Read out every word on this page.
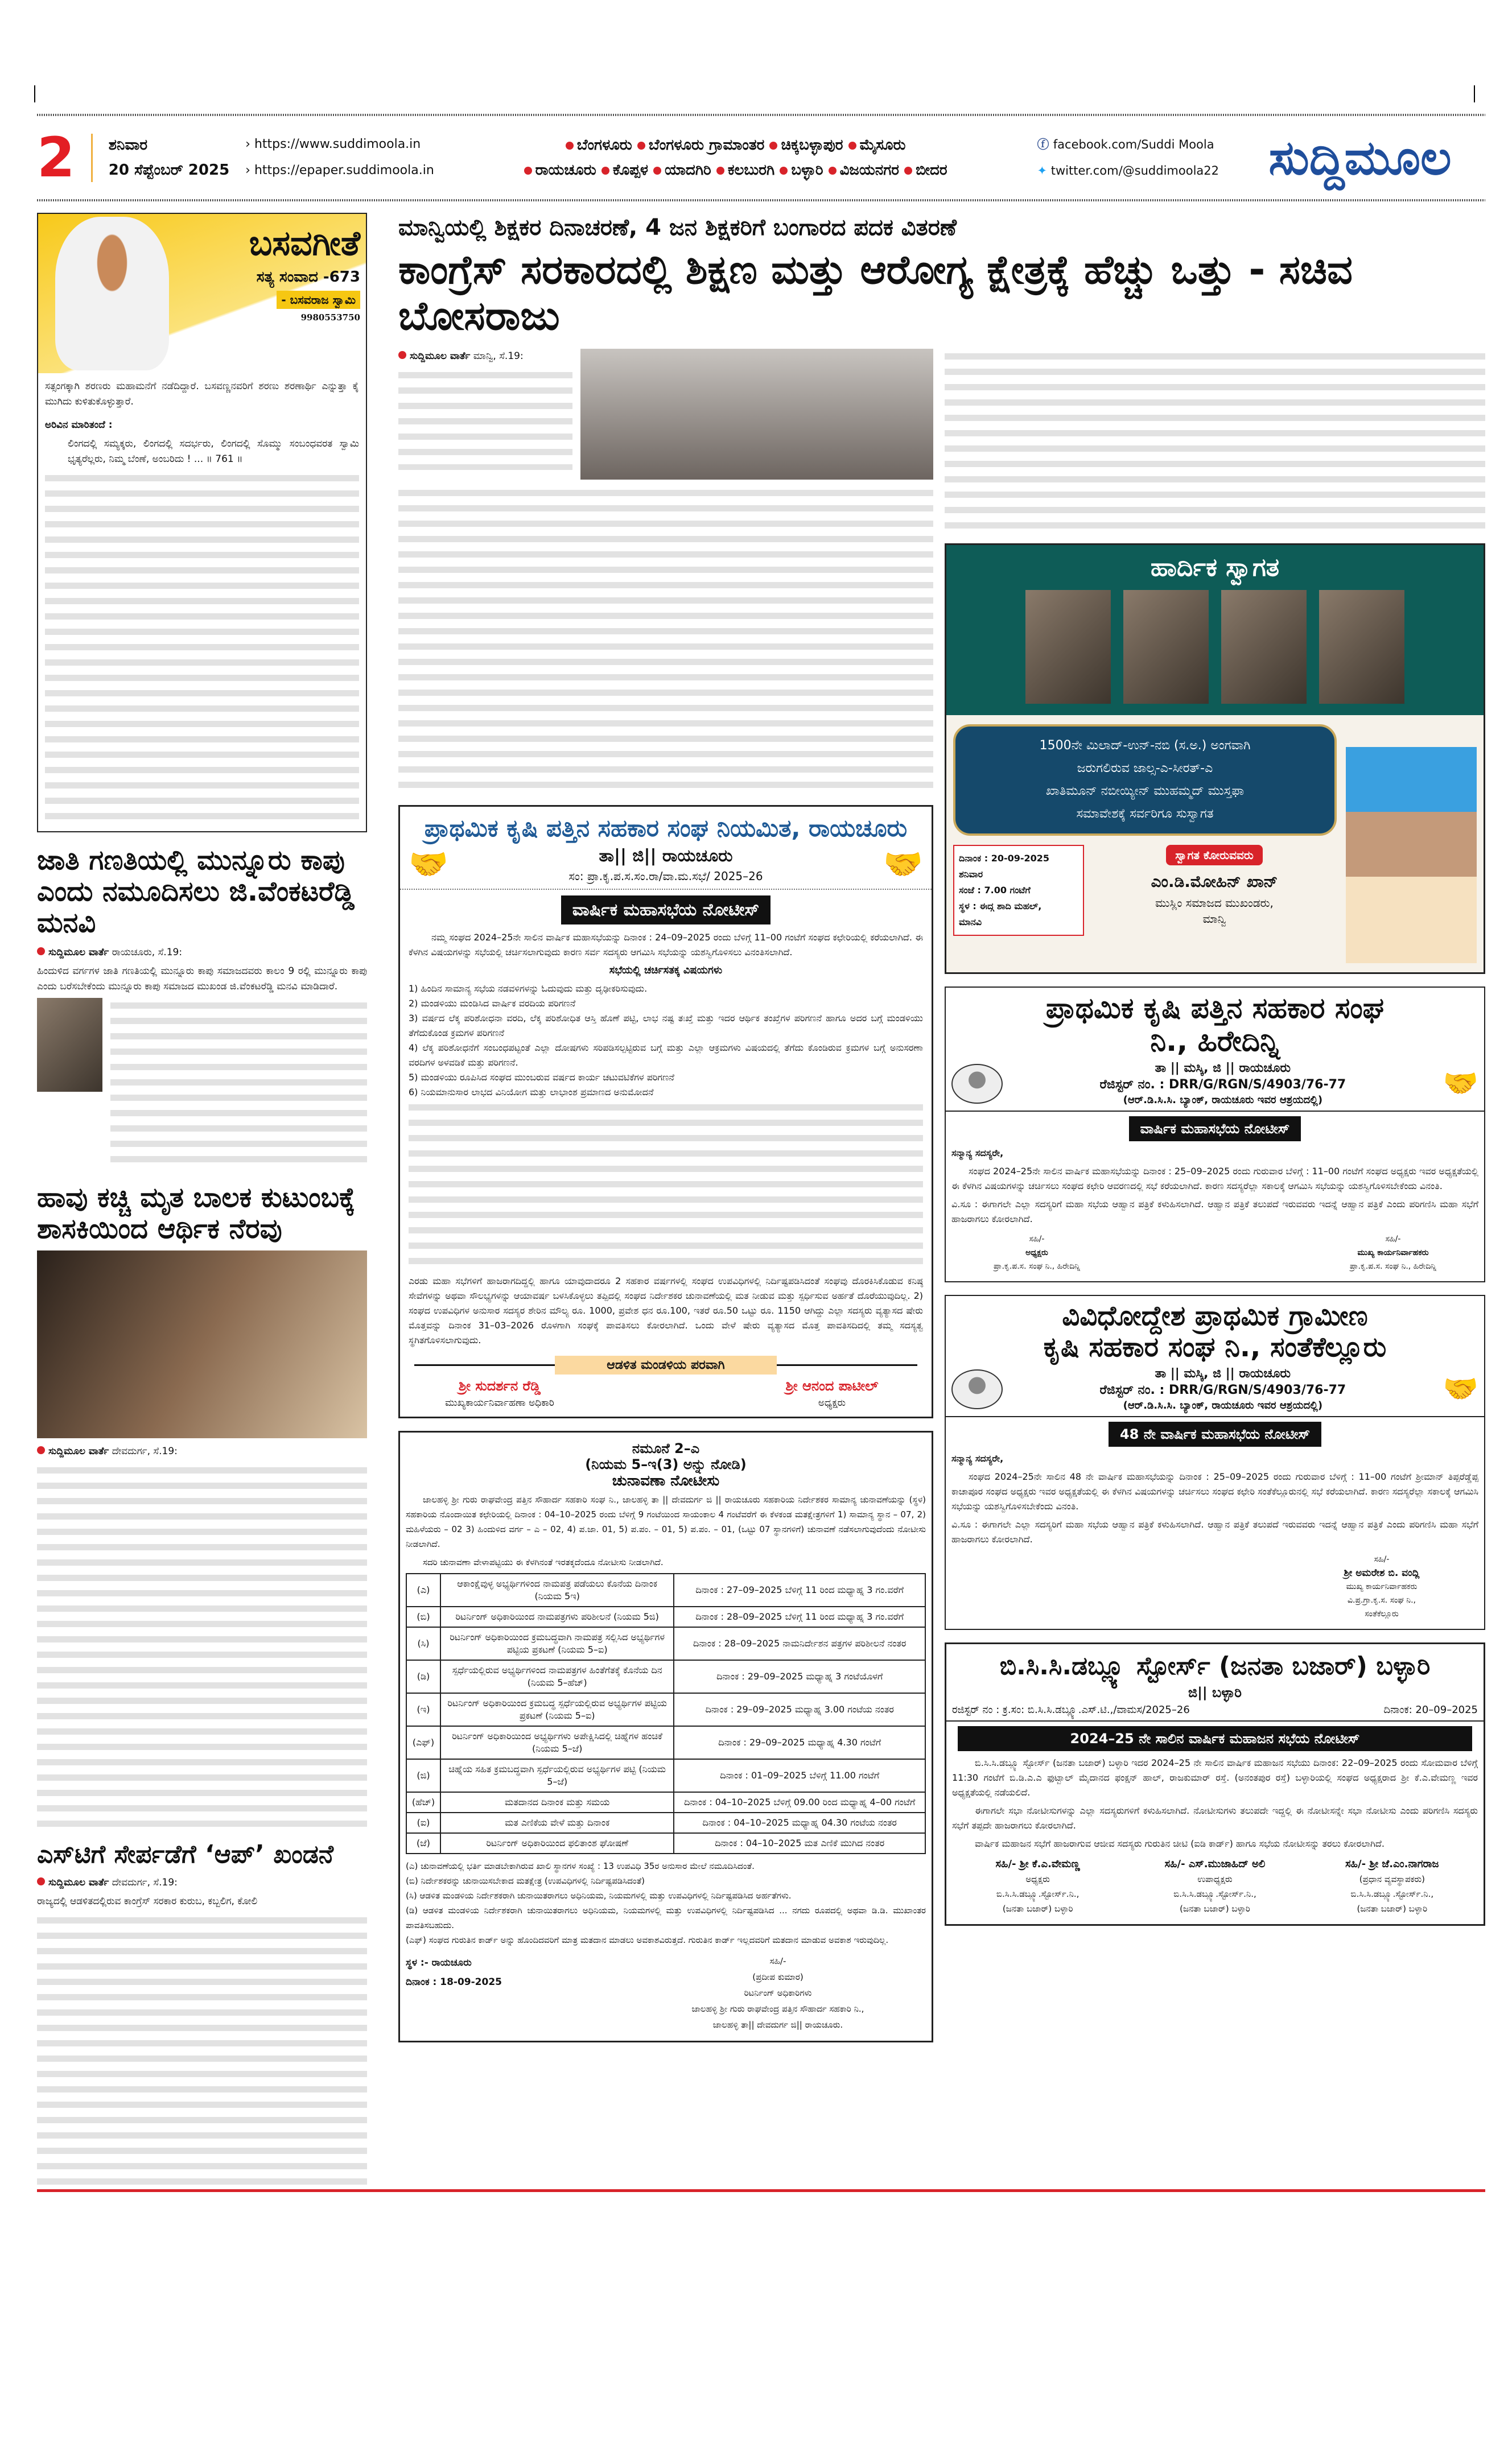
2 ಶನಿವಾರ
20 ಸೆಪ್ಟೆಂಬರ್ 2025
› https://www.suddimoola.in
› https://epaper.suddimoola.in
ಬೆಂಗಳೂರು ಬೆಂಗಳೂರು ಗ್ರಾಮಾಂತರ ಚಿಕ್ಕಬಳ್ಳಾಪುರ ಮೈಸೂರು
ರಾಯಚೂರು ಕೊಪ್ಪಳ ಯಾದಗಿರಿ ಕಲಬುರಗಿ ಬಳ್ಳಾರಿ ವಿಜಯನಗರ ಬೀದರ
ⓕ facebook.com/Suddi Moola
✦ twitter.com/@suddimoola22	ಸುದ್ದಿಮೂಲ
ಬಸವಗೀತೆ
ಸತ್ಯ ಸಂವಾದ -673
- ಬಸವರಾಜ ಸ್ವಾಮಿ
9980553750

ಸತ್ಸಂಗಕ್ಕಾಗಿ ಶರಣರು ಮಹಾಮನೆಗೆ ನಡೆದಿದ್ದಾರೆ. ಬಸವಣ್ಣನವರಿಗೆ ಶರಣು ಶರಣಾರ್ಥಿ ಎನ್ನುತ್ತಾ ಕೈ ಮುಗಿದು ಕುಳಿತುಕೊಳ್ಳುತ್ತಾರೆ.

ಅರಿವಿನ ಮಾರಿತಂದೆ :

ಲಿಂಗದಲ್ಲಿ ಸಮ್ಯಕ್ಕರು, ಲಿಂಗದಲ್ಲಿ ಸದರ್ಭರು, ಲಿಂಗದಲ್ಲಿ ಸೊಮ್ಮು ಸಂಬಂಧವರತ ಸ್ವಾಮಿ ಭೃತ್ಯರೆಲ್ಲರು, ನಿಮ್ಮ ಬೆಂಣೆ, ಅಂಬರಿದು ! ... ॥ 761 ॥

ಜಾತಿ ಗಣತಿಯಲ್ಲಿ ಮುನ್ನೂರು ಕಾಪು ಎಂದು ನಮೂದಿಸಲು ಜಿ.ವೆಂಕಟರೆಡ್ಡಿ ಮನವಿ

ಸುದ್ದಿಮೂಲ ವಾರ್ತೆ ರಾಯಚೂರು, ಸೆ.19:

ಹಿಂದುಳಿದ ವರ್ಗಗಳ ಜಾತಿ ಗಣತಿಯಲ್ಲಿ ಮುನ್ನೂರು ಕಾಪು ಸಮಾಜದವರು ಕಾಲಂ 9 ರಲ್ಲಿ ಮುನ್ನೂರು ಕಾಪು ಎಂದು ಬರೆಸಬೇಕೆಂದು ಮುನ್ನೂರು ಕಾಪು ಸಮಾಜದ ಮುಖಂಡ ಜಿ.ವೆಂಕಟರೆಡ್ಡಿ ಮನವಿ ಮಾಡಿದಾರೆ.

ಹಾವು ಕಚ್ಚಿ ಮೃತ ಬಾಲಕ ಕುಟುಂಬಕ್ಕೆ ಶಾಸಕಿಯಿಂದ ಆರ್ಥಿಕ ನೆರವು

ಸುದ್ದಿಮೂಲ ವಾರ್ತೆ ದೇವದುರ್ಗ, ಸೆ.19:

ಎಸ್‌ಟಿಗೆ ಸೇರ್ಪಡೆಗೆ ‘ಆಪ್’ ಖಂಡನೆ

ಸುದ್ದಿಮೂಲ ವಾರ್ತೆ ದೇವದುರ್ಗ, ಸೆ.19:

ರಾಜ್ಯದಲ್ಲಿ ಆಡಳಿತದಲ್ಲಿರುವ ಕಾಂಗ್ರೆಸ್ ಸರಕಾರ ಕುರುಬ, ಕಬ್ಬಲಿಗ, ಕೋಲಿ

ಮಾನ್ವಿಯಲ್ಲಿ ಶಿಕ್ಷಕರ ದಿನಾಚರಣೆ, 4 ಜನ ಶಿಕ್ಷಕರಿಗೆ ಬಂಗಾರದ ಪದಕ ವಿತರಣೆ
ಕಾಂಗ್ರೆಸ್ ಸರಕಾರದಲ್ಲಿ ಶಿಕ್ಷಣ ಮತ್ತು ಆರೋಗ್ಯ ಕ್ಷೇತ್ರಕ್ಕೆ ಹೆಚ್ಚು ಒತ್ತು - ಸಚಿವ ಬೋಸರಾಜು

ಸುದ್ದಿಮೂಲ ವಾರ್ತೆ ಮಾನ್ವಿ, ಸೆ.19:

ಪ್ರಾಥಮಿಕ ಕೃಷಿ ಪತ್ತಿನ ಸಹಕಾರ ಸಂಘ ನಿಯಮಿತ, ರಾಯಚೂರು
🤝	ತಾ|| ಜಿ|| ರಾಯಚೂರು
ಸಂ: ಪ್ರಾ.ಕೃ.ಪ.ಸ.ಸಂ.ರಾ/ವಾ.ಮ.ಸಭೆ/ 2025–26	🤝
ವಾರ್ಷಿಕ ಮಹಾಸಭೆಯ ನೋಟೀಸ್

ನಮ್ಮ ಸಂಘದ 2024–25ನೇ ಸಾಲಿನ ವಾರ್ಷಿಕ ಮಹಾಸಭೆಯನ್ನು ದಿನಾಂಕ : 24–09–2025 ರಂದು ಬೆಳಿಗ್ಗೆ 11–00 ಗಂಟೆಗೆ ಸಂಘದ ಕಛೇರಿಯಲ್ಲಿ ಕರೆಯಲಾಗಿದೆ. ಈ ಕೆಳಗಿನ ವಿಷಯಗಳನ್ನು ಸಭೆಯಲ್ಲಿ ಚರ್ಚಿಸಲಾಗುವುದು ಕಾರಣ ಸರ್ವ ಸದಸ್ಯರು ಆಗಮಿಸಿ ಸಭೆಯನ್ನು ಯಶಸ್ವಿಗೊಳಿಸಲು ವಿನಂತಿಸಲಾಗಿದೆ.

ಸಭೆಯಲ್ಲಿ ಚರ್ಚಿಸತಕ್ಕ ವಿಷಯಗಳು

1) ಹಿಂದಿನ ಸಾಮಾನ್ಯ ಸಭೆಯ ನಡವಳಿಗಳನ್ನು ಓದುವುದು ಮತ್ತು ದೃಢೀಕರಿಸುವುದು.

2) ಮಂಡಳಿಯು ಮಂಡಿಸಿದ ವಾರ್ಷಿಕ ವರದಿಯ ಪರಿಗಣನೆ

3) ವರ್ಷದ ಲೆಕ್ಕ ಪರಿಶೋಧನಾ ವರದಿ, ಲೆಕ್ಕ ಪರಿಶೋಧಿತ ಆಸ್ತಿ ಹೊಣೆ ಪಟ್ಟಿ, ಲಾಭ ನಷ್ಟ ತಃಖ್ತೆ ಮತ್ತು ಇದರ ಆರ್ಥಿಕ ತಂಖ್ತೆಗಳ ಪರಿಗಣನೆ ಹಾಗೂ ಅದರ ಬಗ್ಗೆ ಮಂಡಳಿಯು ತೆಗೆದುಕೊಂಡ ಕ್ರಮಗಳ ಪರಿಗಣನೆ

4) ಲೆಕ್ಕ ಪರಿಶೋಧನೆಗೆ ಸಂಬಂಧಪಟ್ಟಂತೆ ಎಲ್ಲಾ ದೋಷಗಳು ಸರಿಪಡಿಸಲ್ಪಟ್ಟಿರುವ ಬಗ್ಗೆ ಮತ್ತು ಎಲ್ಲಾ ಆಕ್ರಮಗಳು ವಿಷಯದಲ್ಲಿ ತೆಗೆದು ಕೊಂಡಿರುವ ಕ್ರಮಗಳ ಬಗ್ಗೆ ಅನುಸರಣಾ ವರದಿಗಳ ಅಳವಡಿಕೆ ಮತ್ತು ಪರಿಗಣನೆ.

5) ಮಂಡಳಿಯು ರೂಪಿಸಿದ ಸಂಘದ ಮುಂಬರುವ ವರ್ಷದ ಕಾರ್ಯ ಚಟುವಟಿಕೆಗಳ ಪರಿಗಣನೆ

6) ನಿಯಮಾನುಸಾರ ಲಾಭದ ವಿನಿಯೋಗ ಮತ್ತು ಲಾಭಾಂಶ ಪ್ರಮಾಣದ ಅನುಮೋದನೆ

ಎರಡು ಮಹಾ ಸಭೆಗಳಿಗೆ ಹಾಜರಾಗದಿದ್ದಲ್ಲಿ ಹಾಗೂ ಯಾವುದಾದರೂ 2 ಸಹಕಾರ ವರ್ಷಗಳಲ್ಲಿ ಸಂಘದ ಉಪವಿಧಿಗಳಲ್ಲಿ ನಿರ್ದಿಷ್ಟಪಡಿಸಿದಂತೆ ಸಂಘವು ದೊರಕಿಸಿಕೊಡುವ ಕನಿಷ್ಠ ಸೇವೆಗಳನ್ನು ಅಥವಾ ಸೌಲಭ್ಯಗಳನ್ನು ಆಯಾವರ್ಷ ಬಳಸಿಕೊಳ್ಳಲು ತಪ್ಪಿದಲ್ಲಿ ಸಂಘದ ನಿರ್ದೇಶಕರ ಚುನಾವಣೆಯಲ್ಲಿ ಮತ ನೀಡುವ ಮತ್ತು ಸ್ಪರ್ಧಿಸುವ ಅರ್ಹತೆ ದೊರೆಯುವುದಿಲ್ಲ. 2) ಸಂಘದ ಉಪವಿಧಿಗಳ ಅನುಸಾರ ಸದಸ್ಯರ ಶೇರಿನ ಮೌಲ್ಯ ರೂ. 1000, ಪ್ರವೇಶ ಧನ ರೂ.100, ಇತರೆ ರೂ.50 ಒಟ್ಟು ರೂ. 1150 ಆಗಿದ್ದು ಎಲ್ಲಾ ಸದಸ್ಯರು ವ್ಯತ್ಯಾಸದ ಷೇರು ಮೊತ್ತವನ್ನು ದಿನಾಂಕ 31–03–2026 ರೊಳಗಾಗಿ ಸಂಘಕ್ಕೆ ಪಾವತಿಸಲು ಕೋರಲಾಗಿದೆ. ಒಂದು ವೇಳೆ ಷೇರು ವ್ಯತ್ಯಾಸದ ಮೊತ್ತ ಪಾವತಿಸದಿದಲ್ಲಿ ತಮ್ಮ ಸದಸ್ಯತ್ವ ಸ್ಥಗಿತಗೊಳಿಸಲಾಗುವುದು.

ಆಡಳಿತ ಮಂಡಳಿಯ ಪರವಾಗಿ
ಶ್ರೀ ಸುದರ್ಶನ ರೆಡ್ಡಿ
ಮುಖ್ಯಕಾರ್ಯನಿರ್ವಾಹಣಾ ಅಧಿಕಾರಿ
ಶ್ರೀ ಆನಂದ ಪಾಟೀಲ್
ಅಧ್ಯಕ್ಷರು
ನಮೂನೆ 2–ಎ
(ನಿಯಮ 5–ಇ(3) ಅನ್ನು ನೋಡಿ)
ಚುನಾವಣಾ ನೋಟೀಸು

ಜಾಲಹಳ್ಳಿ ಶ್ರೀ ಗುರು ರಾಘವೇಂದ್ರ ಪತ್ತಿನ ಸೌಹಾರ್ದ ಸಹಕಾರಿ ಸಂಘ ನಿ., ಜಾಲಹಳ್ಳಿ ತಾ || ದೇವದುರ್ಗ ಜಿ || ರಾಯಚೂರು ಸಹಕಾರಿಯ ನಿರ್ದೇಶಕರ ಸಾಮಾನ್ಯ ಚುನಾವಣೆಯನ್ನು (ಸ್ಥಳ) ಸಹಕಾರಿಯ ನೊಂದಾಯಿತ ಕಛೇರಿಯಲ್ಲಿ ದಿನಾಂಕ : 04–10–2025 ರಂದು ಬೆಳಿಗ್ಗೆ 9 ಗಂಟೆಯಿಂದ ಸಾಯಂಕಾಲ 4 ಗಂಟೆವರೆಗೆ ಈ ಕೆಳಕಂಡ ಮತಕ್ಷೇತ್ರಗಳಿಗೆ 1) ಸಾಮಾನ್ಯ ಸ್ಥಾನ – 07, 2) ಮಹಿಳೆಯರು – 02 3) ಹಿಂದುಳಿದ ವರ್ಗ – ಎ – 02, 4) ಪ.ಜಾ. 01, 5) ಪ.ಪಂ. – 01, 5) ಪ.ಪಂ. – 01, (ಒಟ್ಟು 07 ಸ್ಥಾನಗಳಿಗೆ) ಚುನಾವಣೆ ನಡೆಸಲಾಗುವುದೆಂದು ನೋಟೀಸು ನೀಡಲಾಗಿದೆ.

ಸದರಿ ಚುನಾವಣಾ ವೇಳಾಪಟ್ಟಿಯು ಈ ಕೆಳಗಿನಂತೆ ಇರತಕ್ಕದೆಂದೂ ನೋಟೀಸು ನೀಡಲಾಗಿದೆ.

(ಎ)	ಆಕಾಂಕ್ಷೆವುಳ್ಳ ಅಭ್ಯರ್ಥಿಗಳಿಂದ ನಾಮಪತ್ರ ಪಡೆಯಲು ಕೊನೆಯ ದಿನಾಂಕ (ನಿಯಮ 5ಇ)	ದಿನಾಂಕ : 27–09–2025 ಬೆಳಿಗ್ಗೆ 11 ರಿಂದ ಮಧ್ಯಾಹ್ನ 3 ಗಂ.ವರೆಗೆ
(ಬಿ)	ರಿಟರ್ನಿಂಗ್ ಅಧಿಕಾರಿಯಿಂದ ನಾಮಪತ್ರಗಳು ಪರಿಶೀಲನೆ (ನಿಯಮ 5ಜಿ)	ದಿನಾಂಕ : 28–09–2025 ಬೆಳಿಗ್ಗೆ 11 ರಿಂದ ಮಧ್ಯಾಹ್ನ 3 ಗಂ.ವರೆಗೆ
(ಸಿ)	ರಿಟರ್ನಿಂಗ್ ಅಧಿಕಾರಿಯಿಂದ ಕ್ರಮಬದ್ಧವಾಗಿ ನಾಮಪತ್ರ ಸಲ್ಲಿಸಿದ ಅಭ್ಯರ್ಥಿಗಳ ಪಟ್ಟಿಯ ಪ್ರಕಟಣೆ (ನಿಯಮ 5–ಐ)	ದಿನಾಂಕ : 28–09–2025 ನಾಮನಿರ್ದೇಶನ ಪತ್ರಗಳ ಪರಿಶೀಲನೆ ನಂತರ
(ಡಿ)	ಸ್ಪರ್ಧೆಯಲ್ಲಿರುವ ಅಭ್ಯರ್ಥಿಗಳಿಂದ ನಾಮಪತ್ರಗಳ ಹಿಂತೆಗೆತಕ್ಕೆ ಕೊನೆಯ ದಿನ (ನಿಯಮ 5–ಹೆಚ್)	ದಿನಾಂಕ : 29–09–2025 ಮಧ್ಯಾಹ್ನ 3 ಗಂಟೆಯೊಳಗೆ
(ಇ)	ರಿಟರ್ನಿಂಗ್ ಅಧಿಕಾರಿಯಿಂದ ಕ್ರಮಬದ್ಧ ಸ್ಪರ್ಧೆಯಲ್ಲಿರುವ ಅಭ್ಯರ್ಥಿಗಳ ಪಟ್ಟಿಯ ಪ್ರಕಟಣೆ (ನಿಯಮ 5–ಐ)	ದಿನಾಂಕ : 29–09–2025 ಮಧ್ಯಾಹ್ನ 3.00 ಗಂಟೆಯ ನಂತರ
(ಎಫ್)	ರಿಟರ್ನಿಂಗ್ ಅಧಿಕಾರಿಯಿಂದ ಅಭ್ಯರ್ಥಿಗಳು ಅಪೇಕ್ಷಿಸಿದಲ್ಲಿ ಚಿಹ್ನೆಗಳ ಹಂಚಿಕೆ (ನಿಯಮ 5–ಜೆ)	ದಿನಾಂಕ : 29–09–2025 ಮಧ್ಯಾಹ್ನ 4.30 ಗಂಟೆಗೆ
(ಜಿ)	ಚಿಹ್ನೆಯ ಸಹಿತ ಕ್ರಮಬದ್ಧವಾಗಿ ಸ್ಪರ್ಧೆಯಲ್ಲಿರುವ ಅಭ್ಯರ್ಥಿಗಳ ಪಟ್ಟಿ (ನಿಯಮ 5–ಜೆ)	ದಿನಾಂಕ : 01–09–2025 ಬೆಳಿಗ್ಗೆ 11.00 ಗಂಟೆಗೆ
(ಹೆಚ್)	ಮತದಾನದ ದಿನಾಂಕ ಮತ್ತು ಸಮಯ	ದಿನಾಂಕ : 04–10–2025 ಬೆಳಿಗ್ಗೆ 09.00 ರಿಂದ ಮಧ್ಯಾಹ್ನ 4–00 ಗಂಟೆಗೆ
(ಐ)	ಮತ ಎಣಿಕೆಯ ವೇಳೆ ಮತ್ತು ದಿನಾಂಕ	ದಿನಾಂಕ : 04–10–2025 ಮಧ್ಯಾಹ್ನ 04.30 ಗಂಟೆಯ ನಂತರ
(ಜೆ)	ರಿಟರ್ನಿಂಗ್ ಅಧಿಕಾರಿಯಿಂದ ಫಲಿತಾಂಶ ಘೋಷಣೆ	ದಿನಾಂಕ : 04–10–2025 ಮತ ಎಣಿಕೆ ಮುಗಿದ ನಂತರ

(ಎ) ಚುನಾವಣೆಯಲ್ಲಿ ಭರ್ತಿ ಮಾಡಬೇಕಾಗಿರುವ ಖಾಲಿ ಸ್ಥಾನಗಳ ಸಂಖ್ಯೆ : 13 ಉಪವಿಧಿ 35ರ ಅನುಸಾರ ಮೇಲೆ ನಮೂದಿಸಿದಂತೆ.

(ಬಿ) ನಿರ್ದೇಶಕರನ್ನು ಚುನಾಯಿಸಬೇಕಾದ ಮತಕ್ಷೇತ್ರ (ಉಪವಿಧಿಗಳಲ್ಲಿ ನಿರ್ದಿಷ್ಟಪಡಿಸಿದಂತೆ)

(ಸಿ) ಆಡಳಿತ ಮಂಡಳಿಯ ನಿರ್ದೇಶಕರಾಗಿ ಚುನಾಯಿತರಾಗಲು ಅಧಿನಿಯಮ, ನಿಯಮಗಳಲ್ಲಿ ಮತ್ತು ಉಪವಿಧಿಗಳಲ್ಲಿ ನಿರ್ದಿಷ್ಟಪಡಿಸಿದ ಅರ್ಹತೆಗಳು.

(ಡಿ) ಆಡಳಿತ ಮಂಡಳಿಯ ನಿರ್ದೇಶಕರಾಗಿ ಚುನಾಯಿತರಾಗಲು ಅಧಿನಿಯಮ, ನಿಯಮಗಳಲ್ಲಿ ಮತ್ತು ಉಪವಿಧಿಗಳಲ್ಲಿ ನಿರ್ದಿಷ್ಟಪಡಿಸಿದ ... ನಗದು ರೂಪದಲ್ಲಿ ಅಥವಾ ಡಿ.ಡಿ. ಮುಖಾಂತರ ಪಾವತಿಸಬಹುದು.

(ಎಫ್) ಸಂಘದ ಗುರುತಿನ ಕಾರ್ಡ್ ಅನ್ನು ಹೊಂದಿದವರಿಗೆ ಮಾತ್ರ ಮತದಾನ ಮಾಡಲು ಅವಕಾಶವಿರುತ್ತದೆ. ಗುರುತಿನ ಕಾರ್ಡ್ ಇಲ್ಲದವರಿಗೆ ಮತದಾನ ಮಾಡುವ ಅವಕಾಶ ಇರುವುದಿಲ್ಲ.

ಸ್ಥಳ :- ರಾಯಚೂರು
ದಿನಾಂಕ : 18-09-2025
ಸಹಿ/-
(ಪ್ರದೀಪ ಕುಮಾರ)
ರಿಟರ್ನಿಂಗ್ ಅಧಿಕಾರಿಗಳು
ಜಾಲಹಳ್ಳಿ ಶ್ರೀ ಗುರು ರಾಘವೇಂದ್ರ ಪತ್ತಿನ ಸೌಹಾರ್ದ ಸಹಕಾರಿ ನಿ.,
ಜಾಲಹಳ್ಳಿ ತಾ|| ದೇವದುರ್ಗ ಜಿ|| ರಾಯಚೂರು.
ಹಾರ್ದಿಕ ಸ್ವಾಗತ
1500ನೇ ಮಿಲಾದ್-ಉನ್-ನಬಿ (ಸ.ಅ.) ಅಂಗವಾಗಿ
ಜರುಗಲಿರುವ ಜಾಲ್ಸ-ಎ-ಸೀರತ್-ಎ
ಖಾತಿಮೂನ್ ನಬೀಯ್ಯೀನ್ ಮುಹಮ್ಮದ್ ಮುಸ್ತಫಾ
ಸಮಾವೇಶಕ್ಕೆ ಸರ್ವರಿಗೂ ಸುಸ್ವಾಗತ
ದಿನಾಂಕ : 20-09-2025
ಶನಿವಾರ
ಸಂಜೆ : 7.00 ಗಂಟೆಗೆ
ಸ್ಥಳ : ಈದ್ಗ ಶಾದಿ ಮಹಲ್,
ಮಾನವಿ
ಸ್ವಾಗತ ಕೋರುವವರು
ಎಂ.ಡಿ.ಮೋಹಿನ್ ಖಾನ್
ಮುಸ್ಲಿಂ ಸಮಾಜದ ಮುಖಂಡರು,
ಮಾನ್ವಿ
ಪ್ರಾಥಮಿಕ ಕೃಷಿ ಪತ್ತಿನ ಸಹಕಾರ ಸಂಘ
ನಿ., ಹಿರೇದಿನ್ನಿ
ತಾ || ಮಸ್ಕಿ, ಜಿ || ರಾಯಚೂರು
ರೆಜಿಸ್ಟರ್ ನಂ. : DRR/G/RGN/S/4903/76-77
(ಆರ್.ಡಿ.ಸಿ.ಸಿ. ಬ್ಯಾಂಕ್, ರಾಯಚೂರು ಇವರ ಆಶ್ರಯದಲ್ಲಿ)
🤝
ವಾರ್ಷಿಕ ಮಹಾಸಭೆಯ ನೋಟೀಸ್

ಸನ್ಮಾನ್ಯ ಸದಸ್ಯರೇ,

ಸಂಘದ 2024–25ನೇ ಸಾಲಿನ ವಾರ್ಷಿಕ ಮಹಾಸಭೆಯನ್ನು ದಿನಾಂಕ : 25–09–2025 ರಂದು ಗುರುವಾರ ಬೆಳಿಗ್ಗೆ : 11–00 ಗಂಟೆಗೆ ಸಂಘದ ಅಧ್ಯಕ್ಷರು ಇವರ ಅಧ್ಯಕ್ಷತೆಯಲ್ಲಿ ಈ ಕೆಳಗಿನ ವಿಷಯಗಳನ್ನು ಚರ್ಚಿಸಲು ಸಂಘದ ಕಛೇರಿ ಆವರಣದಲ್ಲಿ ಸಭೆ ಕರೆಯಲಾಗಿದೆ. ಕಾರಣ ಸದಸ್ಯರೆಲ್ಲಾ ಸಕಾಲಕ್ಕೆ ಆಗಮಿಸಿ ಸಭೆಯನ್ನು ಯಶಸ್ವಿಗೊಳಿಸಬೇಕೆಂದು ವಿನಂತಿ.

ವಿ.ಸೂ : ಈಗಾಗಲೇ ಎಲ್ಲಾ ಸದಸ್ಯರಿಗೆ ಮಹಾ ಸಭೆಯ ಆಹ್ವಾನ ಪತ್ರಿಕೆ ಕಳುಹಿಸಲಾಗಿದೆ. ಆಹ್ವಾನ ಪತ್ರಿಕೆ ತಲುಪದೆ ಇರುವವರು ಇದನ್ನೆ ಆಹ್ವಾನ ಪತ್ರಿಕೆ ಎಂದು ಪರಿಗಣಿಸಿ ಮಹಾ ಸಭೆಗೆ ಹಾಜರಾಗಲು ಕೋರಲಾಗಿದೆ.

ಸಹಿ/-
ಅಧ್ಯಕ್ಷರು
ಪ್ರಾ.ಕೃ.ಪ.ಸ. ಸಂಘ ನಿ., ಹಿರೇದಿನ್ನಿ
ಸಹಿ/-
ಮುಖ್ಯ ಕಾರ್ಯನಿರ್ವಾಹಕರು
ಪ್ರಾ.ಕೃ.ಪ.ಸ. ಸಂಘ ನಿ., ಹಿರೇದಿನ್ನಿ
ವಿವಿಧೋದ್ದೇಶ ಪ್ರಾಥಮಿಕ ಗ್ರಾಮೀಣ
ಕೃಷಿ ಸಹಕಾರ ಸಂಘ ನಿ., ಸಂತೆಕೆಲ್ಲೂರು
ತಾ || ಮಸ್ಕಿ, ಜಿ || ರಾಯಚೂರು
ರೆಜಿಸ್ಟರ್ ನಂ. : DRR/G/RGN/S/4903/76-77
(ಆರ್.ಡಿ.ಸಿ.ಸಿ. ಬ್ಯಾಂಕ್, ರಾಯಚೂರು ಇವರ ಆಶ್ರಯದಲ್ಲಿ)
🤝
48 ನೇ ವಾರ್ಷಿಕ ಮಹಾಸಭೆಯ ನೋಟೀಸ್

ಸನ್ಮಾನ್ಯ ಸದಸ್ಯರೇ,

ಸಂಘದ 2024–25ನೇ ಸಾಲಿನ 48 ನೇ ವಾರ್ಷಿಕ ಮಹಾಸಭೆಯನ್ನು ದಿನಾಂಕ : 25–09–2025 ರಂದು ಗುರುವಾರ ಬೆಳಿಗ್ಗೆ : 11–00 ಗಂಟೆಗೆ ಶ್ರೀಮಾನ್ ತಿಪ್ಪರೆಡ್ಡೆಪ್ಪ ಕಾಚಾಪೂರ ಸಂಘದ ಅಧ್ಯಕ್ಷರು ಇವರ ಅಧ್ಯಕ್ಷತೆಯಲ್ಲಿ ಈ ಕೆಳಗಿನ ವಿಷಯಗಳನ್ನು ಚರ್ಚಿಸಲು ಸಂಘದ ಕಛೇರಿ ಸಂತೆಕೆಲ್ಲೂರುನಲ್ಲಿ ಸಭೆ ಕರೆಯಲಾಗಿದೆ. ಕಾರಣ ಸದಸ್ಯರೆಲ್ಲಾ ಸಕಾಲಕ್ಕೆ ಆಗಮಿಸಿ ಸಭೆಯನ್ನು ಯಶಸ್ವಿಗೊಳಿಸಬೇಕೆಂದು ವಿನಂತಿ.

ವಿ.ಸೂ : ಈಗಾಗಲೇ ಎಲ್ಲಾ ಸದಸ್ಯರಿಗೆ ಮಹಾ ಸಭೆಯ ಆಹ್ವಾನ ಪತ್ರಿಕೆ ಕಳುಹಿಸಲಾಗಿದೆ. ಆಹ್ವಾನ ಪತ್ರಿಕೆ ತಲುಪದೆ ಇರುವವರು ಇದನ್ನೆ ಆಹ್ವಾನ ಪತ್ರಿಕೆ ಎಂದು ಪರಿಗಣಿಸಿ ಮಹಾ ಸಭೆಗೆ ಹಾಜರಾಗಲು ಕೋರಲಾಗಿದೆ.

ಸಹಿ/-
ಶ್ರೀ ಅಮರೇಶ ಬಿ. ವಂದ್ಲಿ
ಮುಖ್ಯ ಕಾರ್ಯನಿರ್ವಾಹಕರು
ವಿ.ಪ್ರ.ಗ್ರಾ.ಕೃ.ಸ. ಸಂಘ ನಿ.,
ಸಂತೆಕೆಲ್ಲೂರು
ಬಿ.ಸಿ.ಸಿ.ಡಬ್ಲ್ಯೂ ಸ್ಟೋರ್ಸ್ (ಜನತಾ ಬಜಾರ್) ಬಳ್ಳಾರಿ
ಜಿ|| ಬಳ್ಳಾರಿ
ರಜಿಸ್ಟರ್ ನಂ : ಕ್ರ.ಸಂ: ಬಿ.ಸಿ.ಸಿ.ಡಬ್ಲ್ಯೂ.ಎಸ್.ಟಿ.,/ವಾಮಸ/2025–26	ದಿನಾಂಕ: 20–09–2025
2024–25 ನೇ ಸಾಲಿನ ವಾರ್ಷಿಕ ಮಹಾಜನ ಸಭೆಯ ನೋಟೀಸ್

ಬಿ.ಸಿ.ಸಿ.ಡಬ್ಲ್ಯೂ ಸ್ಟೋರ್ಸ್ (ಜನತಾ ಬಜಾರ್) ಬಳ್ಳಾರಿ ಇದರ 2024–25 ನೇ ಸಾಲಿನ ವಾರ್ಷಿಕ ಮಹಾಜನ ಸಭೆಯು ದಿನಾಂಕ: 22–09–2025 ರಂದು ಸೋಮವಾರ ಬೆಳಿಗ್ಗೆ 11:30 ಗಂಟೆಗೆ ಬಿ.ಡಿ.ಎ.ಎ ಫುಟ್ಬಾಲ್ ಮೈದಾನದ ಫಂಕ್ಷನ್ ಹಾಲ್, ರಾಜಕುಮಾರ್ ರಸ್ತೆ. (ಅನಂತಪುರ ರಸ್ತೆ) ಬಳ್ಳಾರಿಯಲ್ಲಿ ಸಂಘದ ಅಧ್ಯಕ್ಷರಾದ ಶ್ರೀ ಕೆ.ಎ.ವೇಮಣ್ಣ ಇವರ ಅಧ್ಯಕ್ಷತೆಯಲ್ಲಿ ನಡೆಯಲಿದೆ.

ಈಗಾಗಲೇ ಸಭಾ ನೋಟೀಸುಗಳನ್ನು ಎಲ್ಲಾ ಸದಸ್ಯರುಗಳಿಗೆ ಕಳುಹಿಸಲಾಗಿದೆ. ನೋಟೀಸುಗಳು ತಲುಪದೇ ಇದ್ದಲ್ಲಿ ಈ ನೋಟೀಸನ್ನೇ ಸಭಾ ನೋಟೀಸು ಎಂದು ಪರಿಗಣಿಸಿ ಸದಸ್ಯರು ಸಭೆಗೆ ತಪ್ಪದೇ ಹಾಜರಾಗಲು ಕೋರಲಾಗಿದೆ.

ವಾರ್ಷಿಕ ಮಹಾಜನ ಸಭೆಗೆ ಹಾಜರಾಗುವ ಆಜೀವ ಸದಸ್ಯರು ಗುರುತಿನ ಚೀಟಿ (ಐಡಿ ಕಾರ್ಡ್) ಹಾಗೂ ಸಭೆಯ ನೋಟೀಸನ್ನು ತರಲು ಕೋರಲಾಗಿದೆ.

ಸಹಿ/- ಶ್ರೀ ಕೆ.ಎ.ವೇಮಣ್ಣ
ಅಧ್ಯಕ್ಷರು
ಬಿ.ಸಿ.ಸಿ.ಡಬ್ಲ್ಯೂ.ಸ್ಟೋರ್ಸ್.ನಿ.,
(ಜನತಾ ಬಜಾರ್) ಬಳ್ಳಾರಿ
ಸಹಿ/- ಎಸ್.ಮುಜಾಹಿದ್ ಅಲಿ
ಉಪಾಧ್ಯಕ್ಷರು
ಬಿ.ಸಿ.ಸಿ.ಡಬ್ಲ್ಯೂ.ಸ್ಟೋರ್ಸ್.ನಿ.,
(ಜನತಾ ಬಜಾರ್) ಬಳ್ಳಾರಿ
ಸಹಿ/- ಶ್ರೀ ಜೆ.ಎಂ.ನಾಗರಾಜ
(ಪ್ರಧಾನ ವ್ಯವಸ್ಥಾಪಕರು)
ಬಿ.ಸಿ.ಸಿ.ಡಬ್ಲ್ಯೂ.ಸ್ಟೋರ್ಸ್.ನಿ.,
(ಜನತಾ ಬಜಾರ್) ಬಳ್ಳಾರಿ
